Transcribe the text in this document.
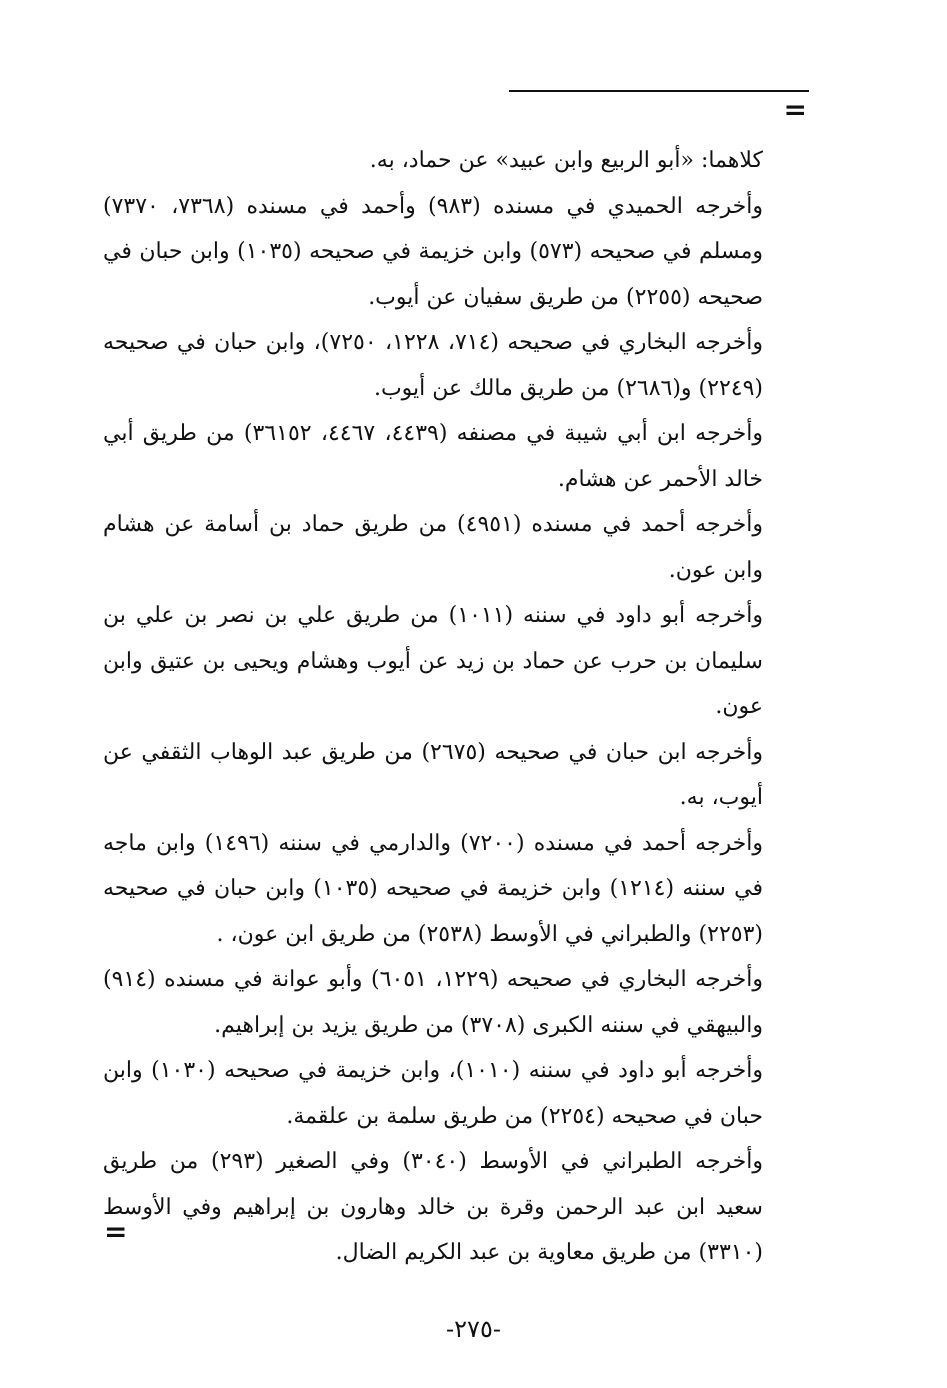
=

كلاهما: «أبو الربيع وابن عبيد» عن حماد، به.

وأخرجه الحميدي في مسنده (٩٨٣) وأحمد في مسنده (٧٣٦٨، ٧٣٧٠) ومسلم في صحيحه (٥٧٣) وابن خزيمة في صحيحه (١٠٣٥) وابن حبان في صحيحه (٢٢٥٥) من طريق سفيان عن أيوب.

وأخرجه البخاري في صحيحه (٧١٤، ١٢٢٨، ٧٢٥٠)، وابن حبان في صحيحه (٢٢٤٩) و(٢٦٨٦) من طريق مالك عن أيوب.

وأخرجه ابن أبي شيبة في مصنفه (٤٤٣٩، ٤٤٦٧، ٣٦١٥٢) من طريق أبي خالد الأحمر عن هشام.

وأخرجه أحمد في مسنده (٤٩٥١) من طريق حماد بن أسامة عن هشام وابن عون.

وأخرجه أبو داود في سننه (١٠١١) من طريق علي بن نصر بن علي بن سليمان بن حرب عن حماد بن زيد عن أيوب وهشام ويحيى بن عتيق وابن عون.

وأخرجه ابن حبان في صحيحه (٢٦٧٥) من طريق عبد الوهاب الثقفي عن أيوب، به.

وأخرجه أحمد في مسنده (٧٢٠٠) والدارمي في سننه (١٤٩٦) وابن ماجه في سننه (١٢١٤) وابن خزيمة في صحيحه (١٠٣٥) وابن حبان في صحيحه (٢٢٥٣) والطبراني في الأوسط (٢٥٣٨) من طريق ابن عون، .

وأخرجه البخاري في صحيحه (١٢٢٩، ٦٠٥١) وأبو عوانة في مسنده (٩١٤) والبيهقي في سننه الكبرى (٣٧٠٨) من طريق يزيد بن إبراهيم.

وأخرجه أبو داود في سننه (١٠١٠)، وابن خزيمة في صحيحه (١٠٣٠) وابن حبان في صحيحه (٢٢٥٤) من طريق سلمة بن علقمة.

وأخرجه الطبراني في الأوسط (٣٠٤٠) وفي الصغير (٢٩٣) من طريق سعيد ابن عبد الرحمن وقرة بن خالد وهارون بن إبراهيم وفي الأوسط (٣٣١٠) من طريق معاوية بن عبد الكريم الضال.

=
-٢٧٥-
